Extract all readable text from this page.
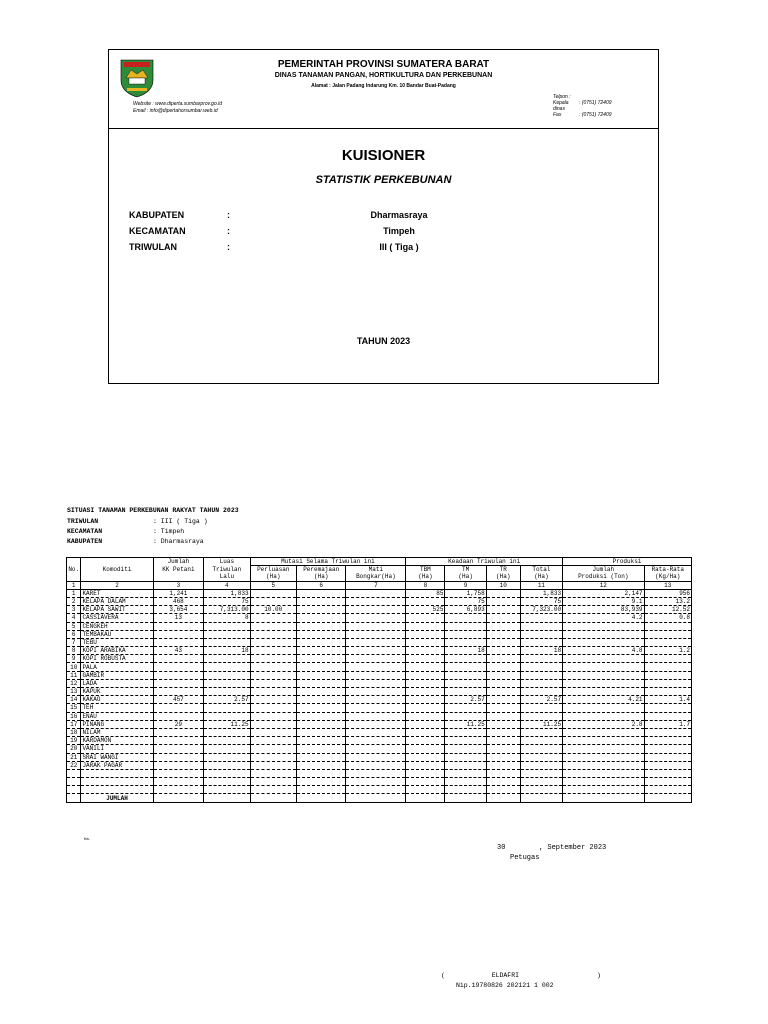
PEMERINTAH PROVINSI SUMATERA BARAT
DINAS TANAMAN PANGAN, HORTIKULTURA DAN PERKEBUNAN
Alamat : Jalan Padang Indarung Km. 10 Bandar Buat-Padang
Website : www.diperta.sumbarprov.go.id
Email : info@dipertahorsumbar.web.id
Telpon :
Kepala dinas
: (0751) 72409
Fax	: (0751) 72409
KUISIONER
STATISTIK PERKEBUNAN
KABUPATEN	:	Dharmasraya
KECAMATAN	:	Timpeh
TRIWULAN	:	III ( Tiga )
TAHUN 2023
SITUASI TANAMAN PERKEBUNAN RAKYAT TAHUN 2023
TRIWULAN	: III ( Tiga )
KECAMATAN	: Timpeh
KABUPATEN	: Dharmasraya
No.	Komoditi	Jumlah	Luas	Mutasi Selama Triwulan ini			Keadaan Triwulan ini				Produksi	
		KK Petani	Triwulan	Perluasan	Peremajaan	Mati	TBM	TM	TR	Total	Jumlah	Rata-Rata
			Lalu	(Ha)	(Ha)	Bongkar(Ha)	(Ha)	(Ha)	(Ha)	(Ha)	Produksi (Ton)	(Kg/Ha)
1	2	3	4	5	6	7	8	9	10	11	12	13
1	KARET	1,241	1,833				85	1,758		1,833	2,147	956
2	KELAPA DALAM	468	75					75		75	9.1	13.2
3	KELAPA SAWIT	3,654	7,313.00	10.00			525	6,893		7,323.00	83,939	12.52
4	CASSIAVERA	13	8								4.2	0.8
5	CENGKEH											
6	TEMBAKAU											
7	TEBU											
8	KOPI ARABIKA	43	18					18		18	4.8	1.2
9	KOPI ROBUSTA											
10	PALA											
11	GAMBIR											
12	LADA											
13	KAPUK											
14	KAKAO	457	2.57					2.57		2.57	4.21	1.4
15	TEH											
16	ENAU											
17	PINANG	29	11.25					11.25		11.25	2.8	1.7
18	NILAM											
19	KARDAMON											
20	VANILI											
21	SRAI WANGI											
22	JARAK PAGAR											

	JUMLAH											
Ha.
30        , September 2023
Petugas
(            ELDAFRI                    )
Nip.19780826 202121 1 002
